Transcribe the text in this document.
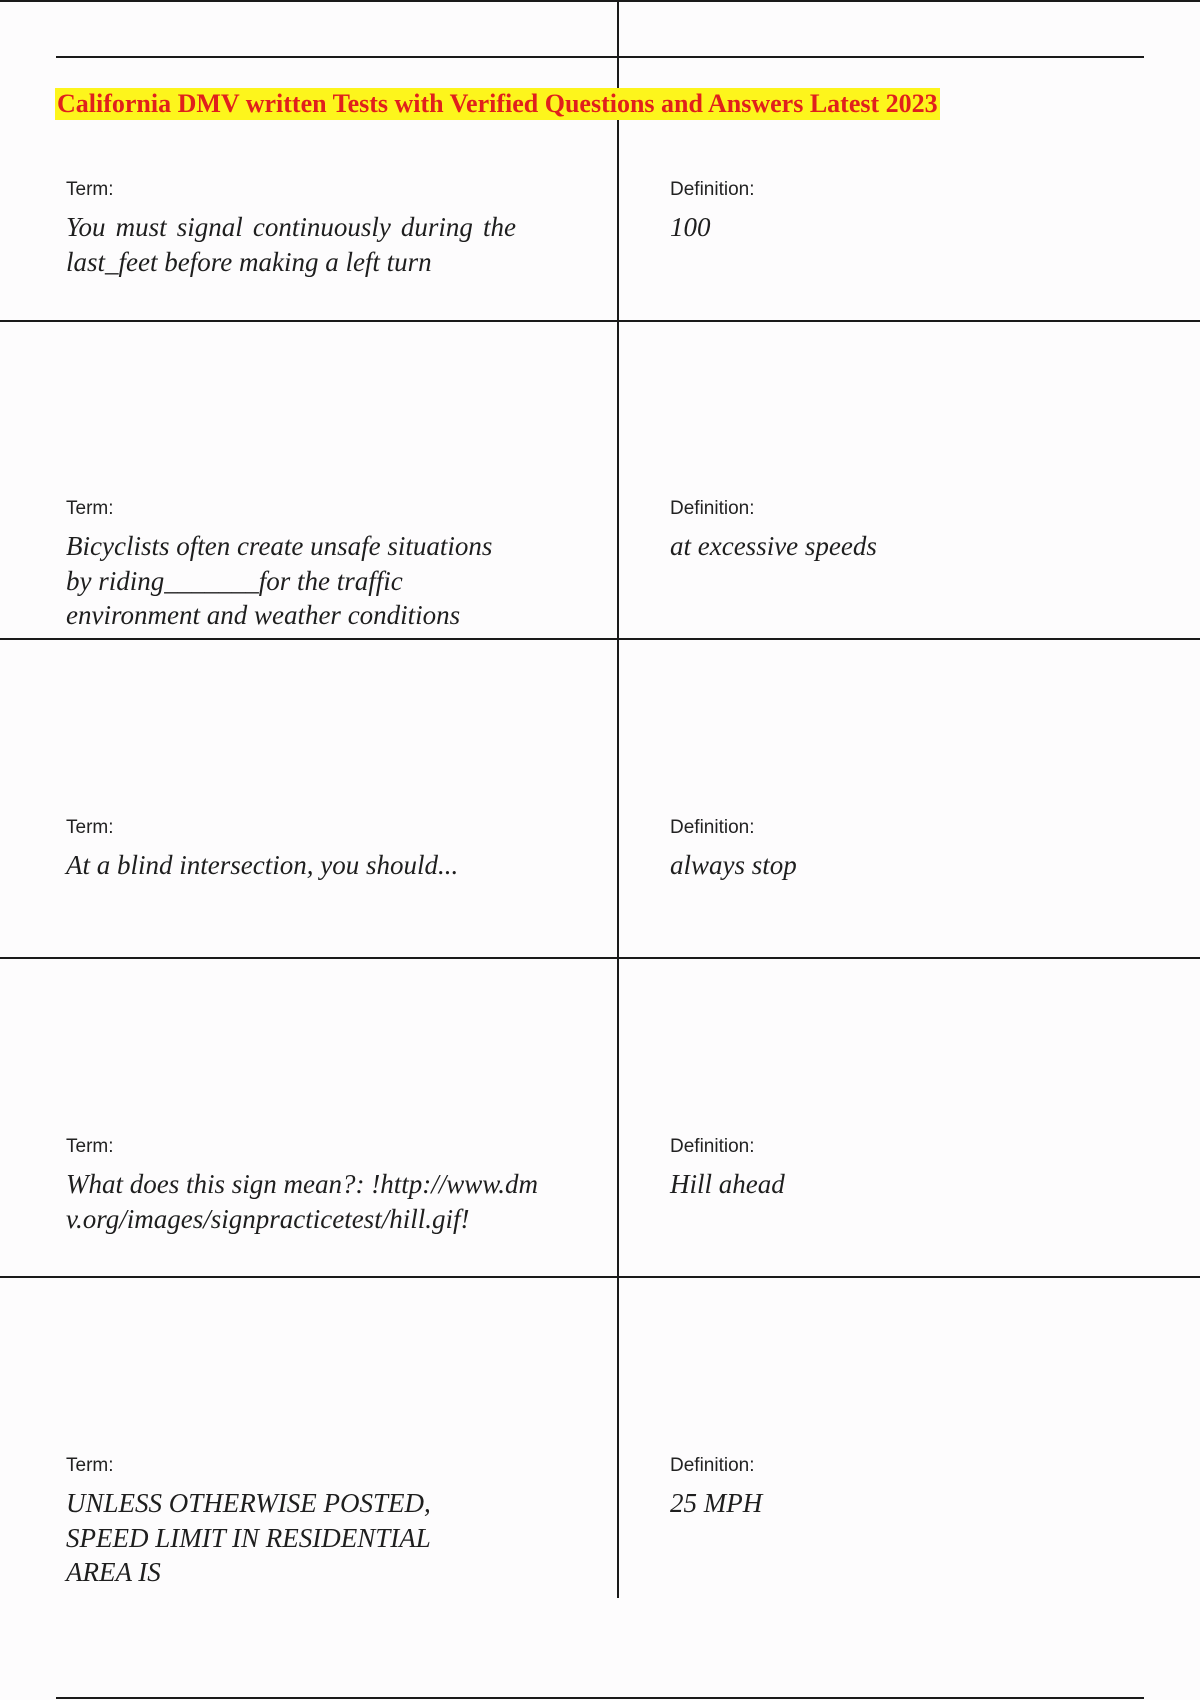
California DMV written Tests with Verified Questions and Answers Latest 2023
Term:

You must signal continuously during the last_feet before making a left turn

Definition:

100

Term:

Bicyclists often create unsafe situations by riding_______for the traffic environment and weather conditions

Definition:

at excessive speeds

Term:

At a blind intersection, you should...

Definition:

always stop

Term:

What does this sign mean?: !http://www.dmv.org/images/signpracticetest/hill.gif!

Definition:

Hill ahead

Term:

UNLESS OTHERWISE POSTED, SPEED LIMIT IN RESIDENTIAL AREA IS

Definition:

25 MPH
